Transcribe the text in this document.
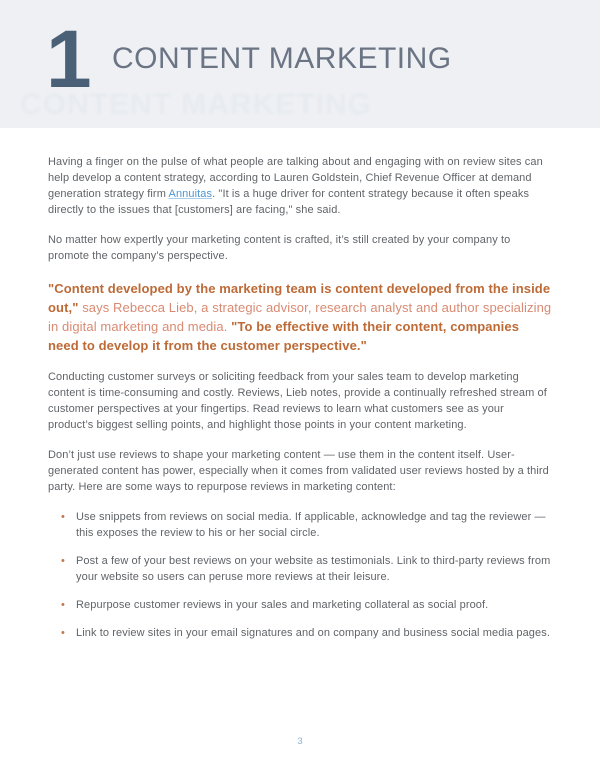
1 CONTENT MARKETING
CONTENT MARKETING

Having a finger on the pulse of what people are talking about and engaging with on review sites can help develop a content strategy, according to Lauren Goldstein, Chief Revenue Officer at demand generation strategy firm Annuitas. "It is a huge driver for content strategy because it often speaks directly to the issues that [customers] are facing," she said.

No matter how expertly your marketing content is crafted, it’s still created by your company to promote the company’s perspective.

"Content developed by the marketing team is content developed from the inside out," says Rebecca Lieb, a strategic advisor, research analyst and author specializing in digital marketing and media. "To be effective with their content, companies need to develop it from the customer perspective."

Conducting customer surveys or soliciting feedback from your sales team to develop marketing content is time-consuming and costly. Reviews, Lieb notes, provide a continually refreshed stream of customer perspectives at your fingertips. Read reviews to learn what customers see as your product’s biggest selling points, and highlight those points in your content marketing.

Don’t just use reviews to shape your marketing content — use them in the content itself. User-generated content has power, especially when it comes from validated user reviews hosted by a third party. Here are some ways to repurpose reviews in marketing content:

• Use snippets from reviews on social media. If applicable, acknowledge and tag the reviewer — this exposes the review to his or her social circle.
• Post a few of your best reviews on your website as testimonials. Link to third-party reviews from your website so users can peruse more reviews at their leisure.
• Repurpose customer reviews in your sales and marketing collateral as social proof.
• Link to review sites in your email signatures and on company and business social media pages.
3
